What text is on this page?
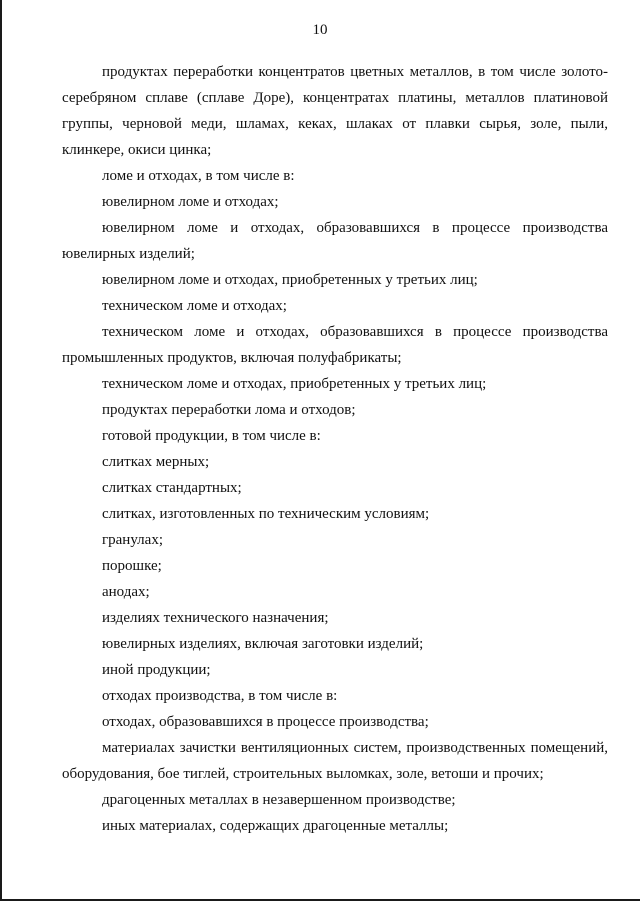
10

продуктах переработки концентратов цветных металлов, в том числе золото-серебряном сплаве (сплаве Доре), концентратах платины, металлов платиновой группы, черновой меди, шламах, кеках, шлаках от плавки сырья, золе, пыли, клинкере, окиси цинка;

ломе и отходах, в том числе в:

ювелирном ломе и отходах;

ювелирном ломе и отходах, образовавшихся в процессе производства ювелирных изделий;

ювелирном ломе и отходах, приобретенных у третьих лиц;

техническом ломе и отходах;

техническом ломе и отходах, образовавшихся в процессе производства промышленных продуктов, включая полуфабрикаты;

техническом ломе и отходах, приобретенных у третьих лиц;

продуктах переработки лома и отходов;

готовой продукции, в том числе в:

слитках мерных;

слитках стандартных;

слитках, изготовленных по техническим условиям;

гранулах;

порошке;

анодах;

изделиях технического назначения;

ювелирных изделиях, включая заготовки изделий;

иной продукции;

отходах производства, в том числе в:

отходах, образовавшихся в процессе производства;

материалах зачистки вентиляционных систем, производственных помещений, оборудования, бое тиглей, строительных выломках, золе, ветоши и прочих;

драгоценных металлах в незавершенном производстве;

иных материалах, содержащих драгоценные металлы;
